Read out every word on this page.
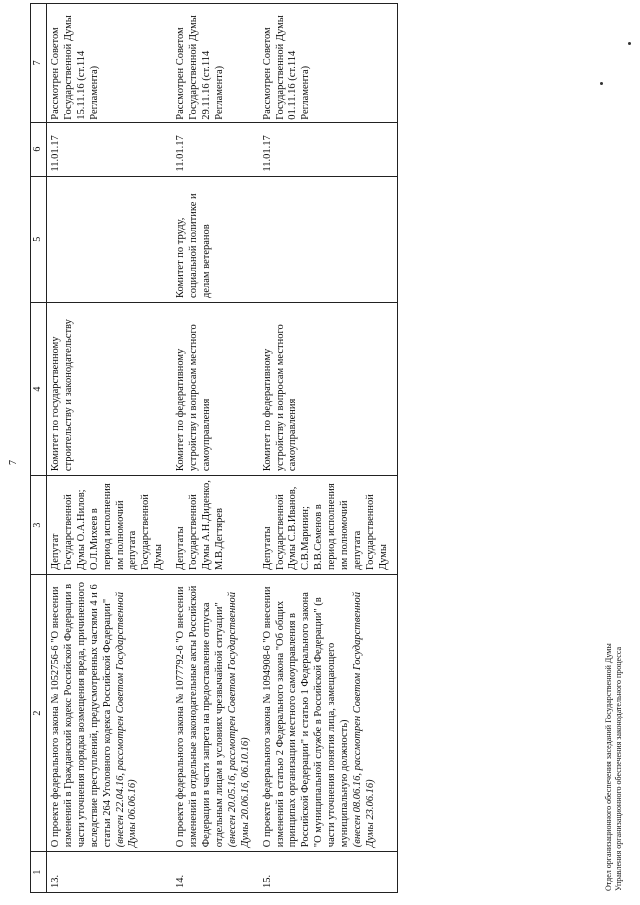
7
1	2	3	4	5	6	7
13.	О проекте федерального закона № 1052756-6 "О внесении изменений в Гражданский кодекс Российской Федерации в части уточнения порядка возмещения вреда, причиненного вследствие преступлений, предусмотренных частями 4 и 6 статьи 264 Уголовного кодекса Российской Федерации" (внесен 22.04.16, рассмотрен Советом Государственной Думы 06.06.16)	Депутат Государственной Думы О.А.Нилов; О.Л.Михеев в период исполнения им полномочий депутата Государственной Думы	Комитет по государственному строительству и законодательству		11.01.17	Рассмотрен Советом Государственной Думы 15.11.16 (ст.114 Регламента)
14.	О проекте федерального закона № 1077792-6 "О внесении изменений в отдельные законодательные акты Российской Федерации в части запрета на предоставление отпуска отдельным лицам в условиях чрезвычайной ситуации" (внесен 20.05.16, рассмотрен Советом Государственной Думы 20.06.16, 06.10.16)	Депутаты Государственной Думы А.Н.Диденко, М.В.Дегтярев	Комитет по федеративному устройству и вопросам местного самоуправления	Комитет по труду, социальной политике и делам ветеранов	11.01.17	Рассмотрен Советом Государственной Думы 29.11.16 (ст.114 Регламента)
15.	О проекте федерального закона № 1094908-6 "О внесении изменений в статью 2 Федерального закона "Об общих принципах организации местного самоуправления в Российской Федерации" и статью 1 Федерального закона "О муниципальной службе в Российской Федерации" (в части уточнения понятия лица, замещающего муниципальную должность) (внесен 08.06.16, рассмотрен Советом Государственной Думы 23.06.16)	Депутаты Государственной Думы С.В.Иванов, С.В.Маринин; В.В.Семенов в период исполнения им полномочий депутата Государственной Думы	Комитет по федеративному устройству и вопросам местного самоуправления		11.01.17	Рассмотрен Советом Государственной Думы 01.11.16 (ст.114 Регламента)
Отдел организационного обеспечения заседаний Государственной Думы Управления организационного обеспечения законодательного процесса
